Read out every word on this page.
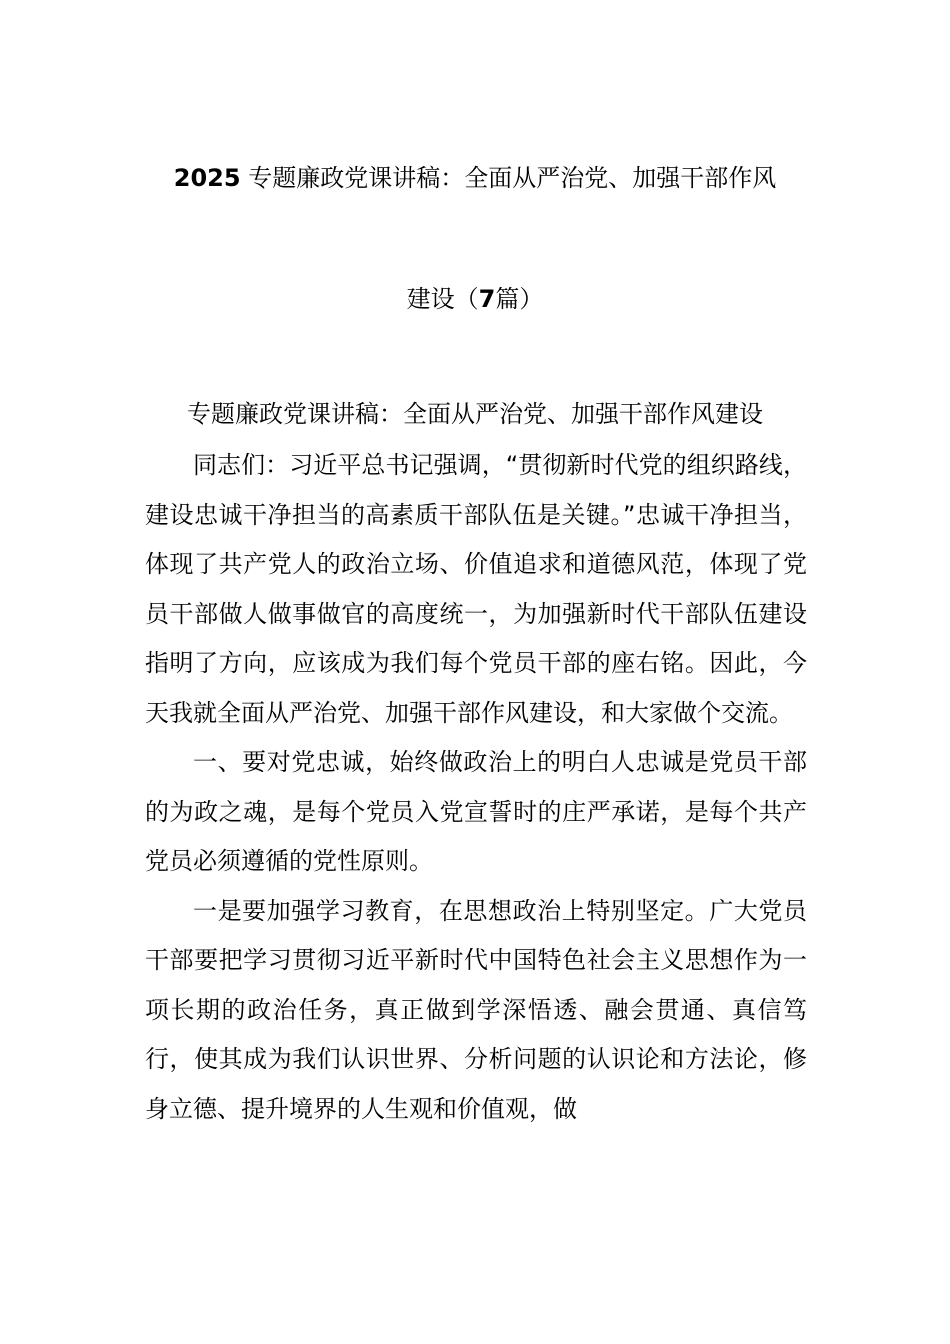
2025 专题廉政党课讲稿：全面从严治党、加强干部作风
建设（7篇）
专题廉政党课讲稿：全面从严治党、加强干部作风建设

同志们：习近平总书记强调，“贯彻新时代党的组织路线，建设忠诚干净担当的高素质干部队伍是关键。”忠诚干净担当，体现了共产党人的政治立场、价值追求和道德风范，体现了党员干部做人做事做官的高度统一，为加强新时代干部队伍建设指明了方向，应该成为我们每个党员干部的座右铭。因此，今天我就全面从严治党、加强干部作风建设，和大家做个交流。

一、要对党忠诚，始终做政治上的明白人忠诚是党员干部的为政之魂，是每个党员入党宣誓时的庄严承诺，是每个共产党员必须遵循的党性原则。

一是要加强学习教育，在思想政治上特别坚定。广大党员干部要把学习贯彻习近平新时代中国特色社会主义思想作为一项长期的政治任务，真正做到学深悟透、融会贯通、真信笃行，使其成为我们认识世界、分析问题的认识论和方法论，修身立德、提升境界的人生观和价值观，做
